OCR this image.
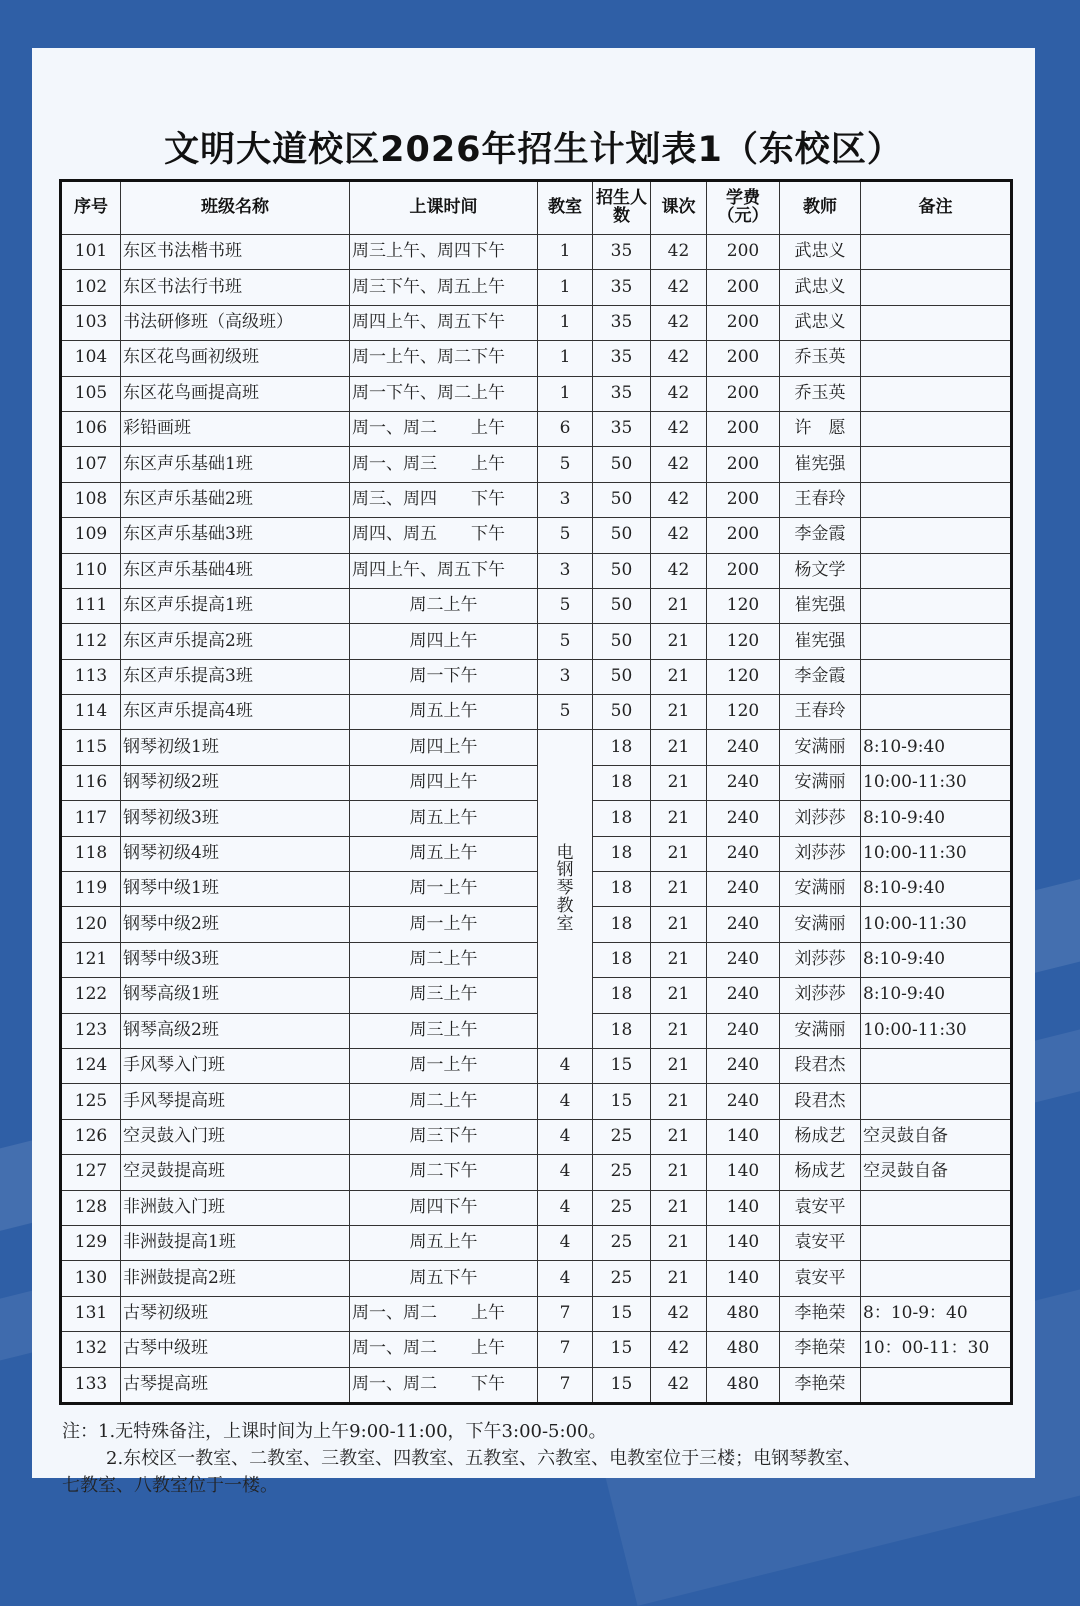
文明大道校区2026年招生计划表1（东校区）
序号	班级名称	上课时间	教室	招生人数	课次	学费（元）	教师	备注
101	东区书法楷书班	周三上午、周四下午	1	35	42	200	武忠义	
102	东区书法行书班	周三下午、周五上午	1	35	42	200	武忠义	
103	书法研修班（高级班）	周四上午、周五下午	1	35	42	200	武忠义	
104	东区花鸟画初级班	周一上午、周二下午	1	35	42	200	乔玉英	
105	东区花鸟画提高班	周一下午、周二上午	1	35	42	200	乔玉英	
106	彩铅画班	周一、周二　　上午	6	35	42	200	许　愿	
107	东区声乐基础1班	周一、周三　　上午	5	50	42	200	崔宪强	
108	东区声乐基础2班	周三、周四　　下午	3	50	42	200	王春玲	
109	东区声乐基础3班	周四、周五　　下午	5	50	42	200	李金霞	
110	东区声乐基础4班	周四上午、周五下午	3	50	42	200	杨文学	
111	东区声乐提高1班	周二上午	5	50	21	120	崔宪强	
112	东区声乐提高2班	周四上午	5	50	21	120	崔宪强	
113	东区声乐提高3班	周一下午	3	50	21	120	李金霞	
114	东区声乐提高4班	周五上午	5	50	21	120	王春玲	
115	钢琴初级1班	周四上午	电钢琴教室	18	21	240	安满丽	8:10-9:40
116	钢琴初级2班	周四上午		18	21	240	安满丽	10:00-11:30
117	钢琴初级3班	周五上午		18	21	240	刘莎莎	8:10-9:40
118	钢琴初级4班	周五上午		18	21	240	刘莎莎	10:00-11:30
119	钢琴中级1班	周一上午		18	21	240	安满丽	8:10-9:40
120	钢琴中级2班	周一上午		18	21	240	安满丽	10:00-11:30
121	钢琴中级3班	周二上午		18	21	240	刘莎莎	8:10-9:40
122	钢琴高级1班	周三上午		18	21	240	刘莎莎	8:10-9:40
123	钢琴高级2班	周三上午		18	21	240	安满丽	10:00-11:30
124	手风琴入门班	周一上午	4	15	21	240	段君杰	
125	手风琴提高班	周二上午	4	15	21	240	段君杰	
126	空灵鼓入门班	周三下午	4	25	21	140	杨成艺	空灵鼓自备
127	空灵鼓提高班	周二下午	4	25	21	140	杨成艺	空灵鼓自备
128	非洲鼓入门班	周四下午	4	25	21	140	袁安平	
129	非洲鼓提高1班	周五上午	4	25	21	140	袁安平	
130	非洲鼓提高2班	周五下午	4	25	21	140	袁安平	
131	古琴初级班	周一、周二　　上午	7	15	42	480	李艳荣	8：10-9：40
132	古琴中级班	周一、周二　　上午	7	15	42	480	李艳荣	10：00-11：30
133	古琴提高班	周一、周二　　下午	7	15	42	480	李艳荣	

注：1.无特殊备注，上课时间为上午9:00-11:00，下午3:00-5:00。

2.东校区一教室、二教室、三教室、四教室、五教室、六教室、电教室位于三楼；电钢琴教室、

七教室、八教室位于一楼。
